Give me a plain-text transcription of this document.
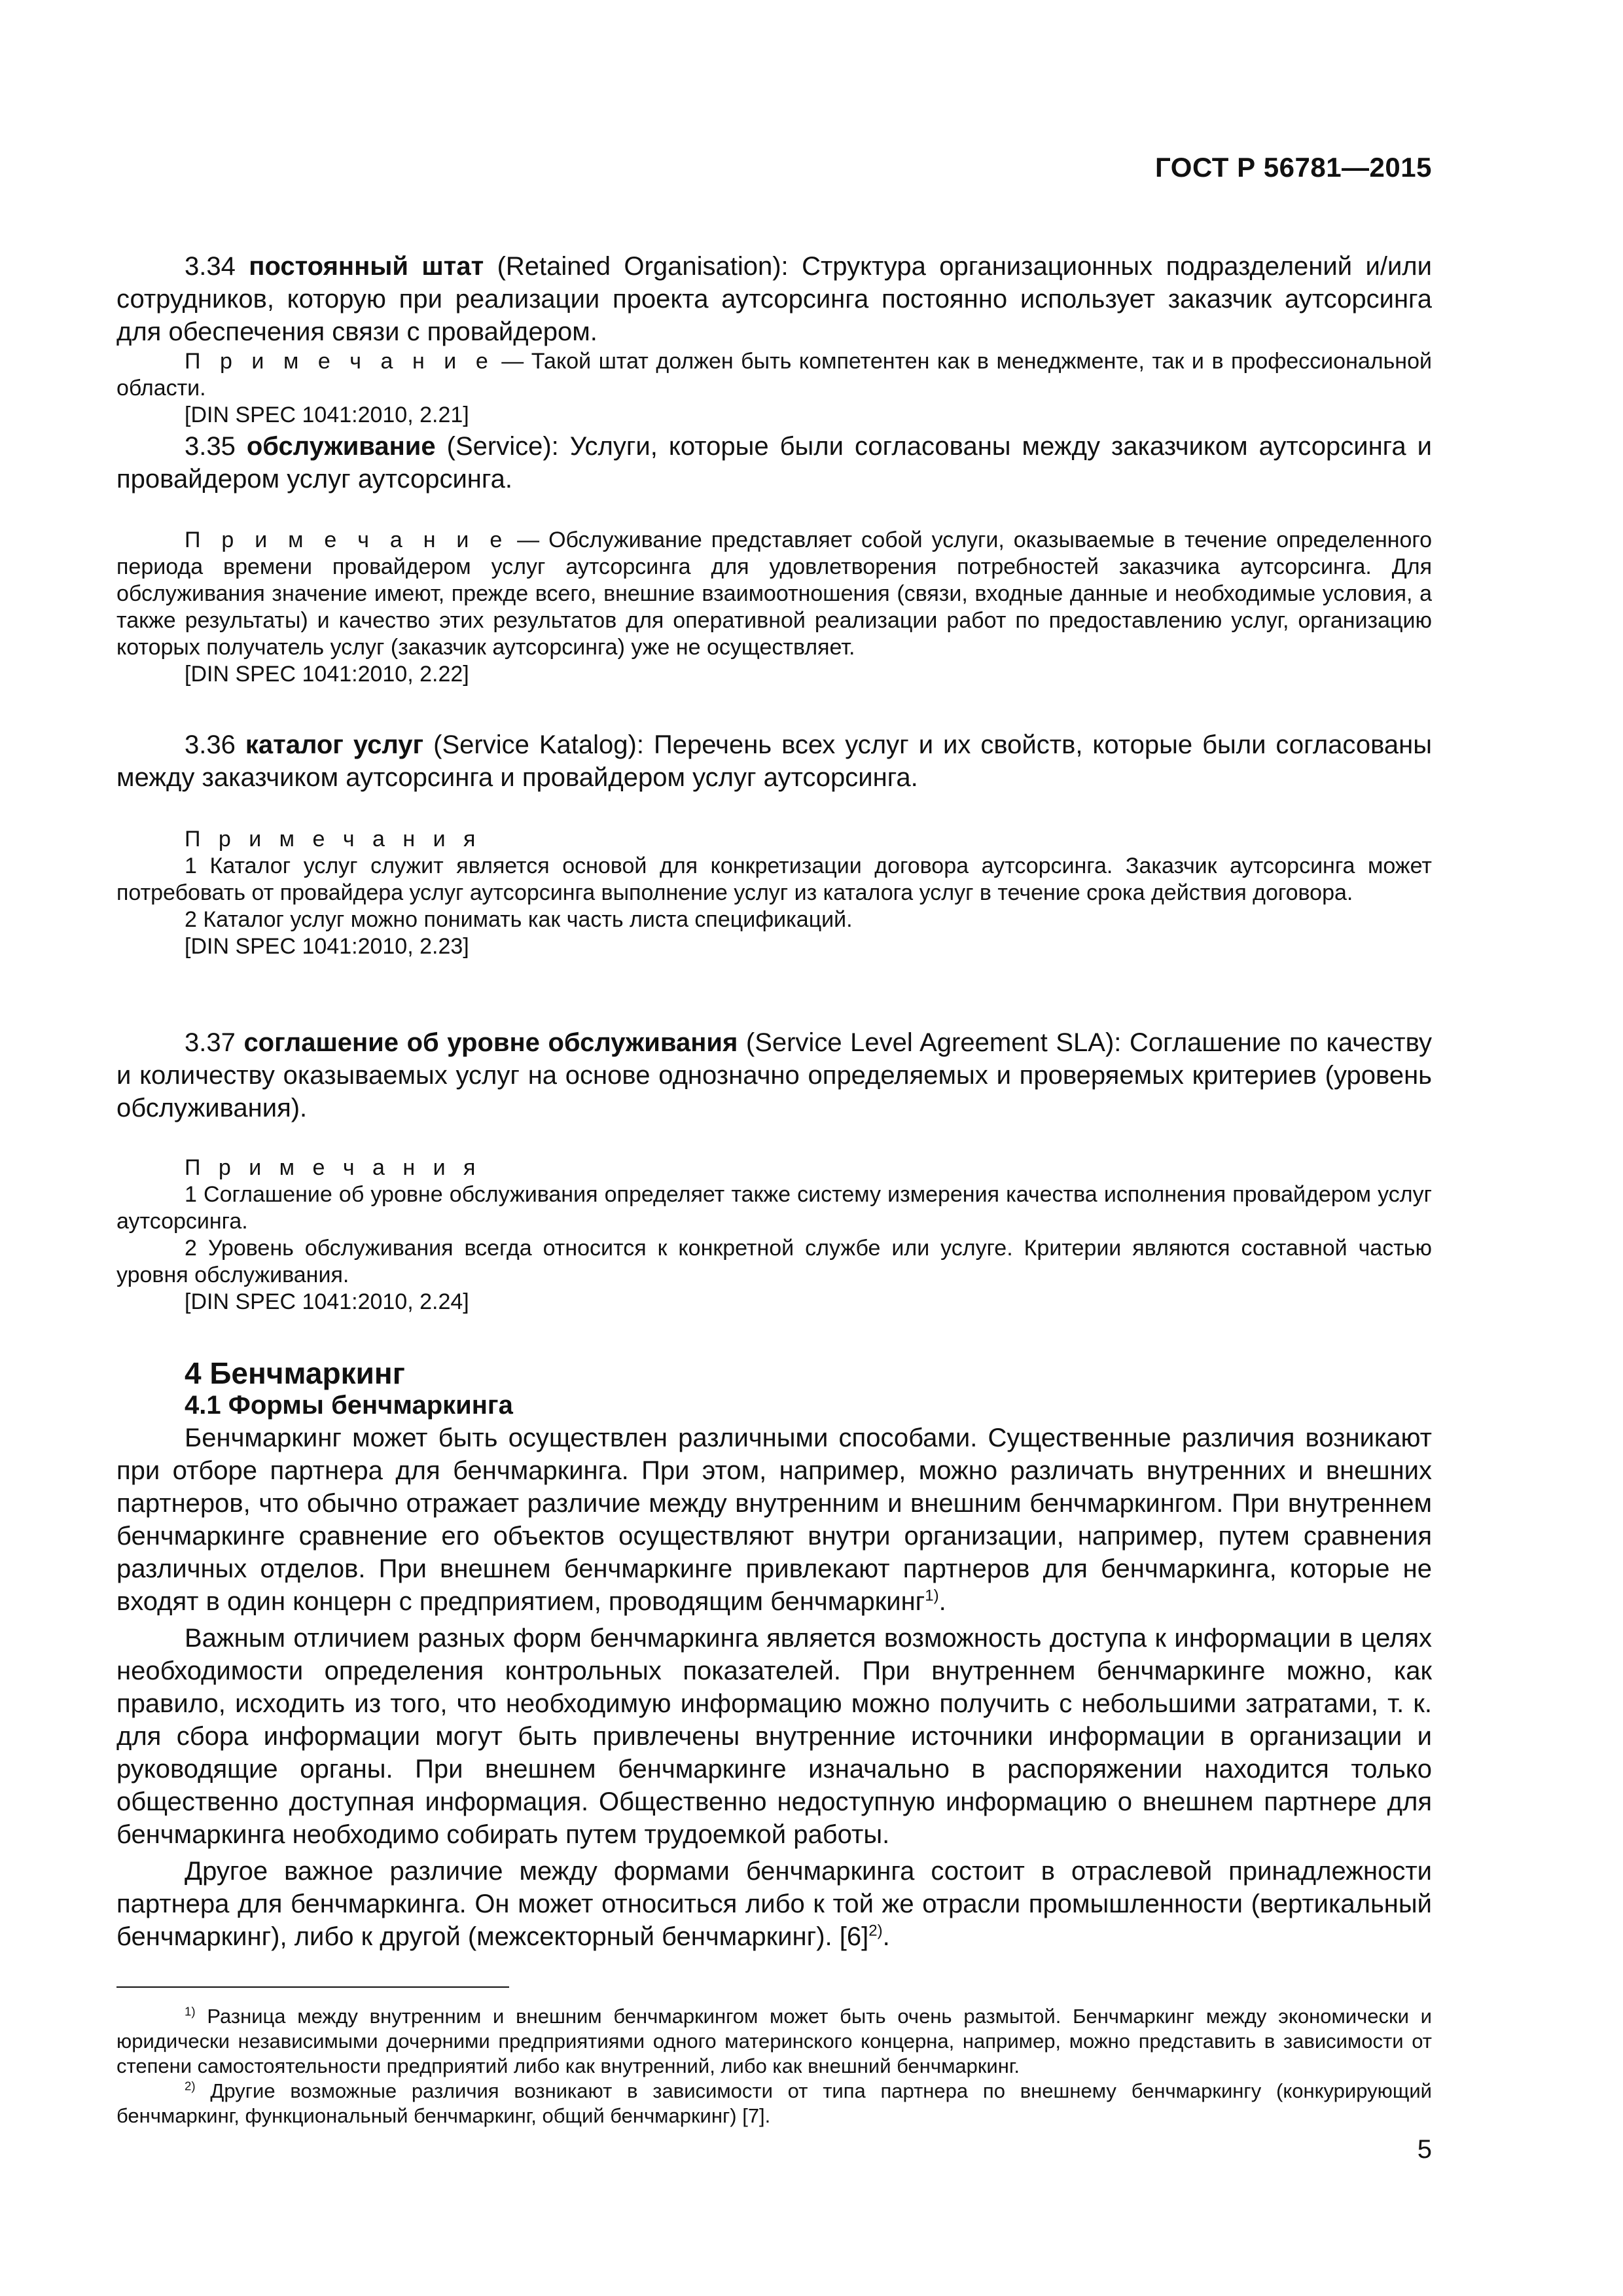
ГОСТ Р 56781—2015

3.34 постоянный штат (Retained Organisation): Структура организационных подразделений и/или сотрудников, которую при реализации проекта аутсорсинга постоянно использует заказчик аутсорсинга для обеспечения связи с провайдером.

П р и м е ч а н и е — Такой штат должен быть компетентен как в менеджменте, так и в профессиональной области.

[DIN SPEC 1041:2010, 2.21]

3.35 обслуживание (Service): Услуги, которые были согласованы между заказчиком аутсорсинга и провайдером услуг аутсорсинга.

П р и м е ч а н и е — Обслуживание представляет собой услуги, оказываемые в течение определенного периода времени провайдером услуг аутсорсинга для удовлетворения потребностей заказчика аутсорсинга. Для обслуживания значение имеют, прежде всего, внешние взаимоотношения (связи, входные данные и необходимые условия, а также результаты) и качество этих результатов для оперативной реализации работ по предоставлению услуг, организацию которых получатель услуг (заказчик аутсорсинга) уже не осуществляет.

[DIN SPEC 1041:2010, 2.22]

3.36 каталог услуг (Service Katalog): Перечень всех услуг и их свойств, которые были согласованы между заказчиком аутсорсинга и провайдером услуг аутсорсинга.

П р и м е ч а н и я

1 Каталог услуг служит является основой для конкретизации договора аутсорсинга. Заказчик аутсорсинга может потребовать от провайдера услуг аутсорсинга выполнение услуг из каталога услуг в течение срока действия договора.

2 Каталог услуг можно понимать как часть листа спецификаций.

[DIN SPEC 1041:2010, 2.23]

3.37 соглашение об уровне обслуживания (Service Level Agreement SLA): Соглашение по качеству и количеству оказываемых услуг на основе однозначно определяемых и проверяемых критериев (уровень обслуживания).

П р и м е ч а н и я

1 Соглашение об уровне обслуживания определяет также систему измерения качества исполнения провайдером услуг аутсорсинга.

2 Уровень обслуживания всегда относится к конкретной службе или услуге. Критерии являются составной частью уровня обслуживания.

[DIN SPEC 1041:2010, 2.24]

4 Бенчмаркинг

4.1 Формы бенчмаркинга

Бенчмаркинг может быть осуществлен различными способами. Существенные различия возникают при отборе партнера для бенчмаркинга. При этом, например, можно различать внутренних и внешних партнеров, что обычно отражает различие между внутренним и внешним бенчмаркингом. При внутреннем бенчмаркинге сравнение его объектов осуществляют внутри организации, например, путем сравнения различных отделов. При внешнем бенчмаркинге привлекают партнеров для бенчмаркинга, которые не входят в один концерн с предприятием, проводящим бенчмаркинг$^{1)}$.

Важным отличием разных форм бенчмаркинга является возможность доступа к информации в целях необходимости определения контрольных показателей. При внутреннем бенчмаркинге можно, как правило, исходить из того, что необходимую информацию можно получить с небольшими затратами, т. к. для сбора информации могут быть привлечены внутренние источники информации в организации и руководящие органы. При внешнем бенчмаркинге изначально в распоряжении находится только общественно доступная информация. Общественно недоступную информацию о внешнем партнере для бенчмаркинга необходимо собирать путем трудоемкой работы.

Другое важное различие между формами бенчмаркинга состоит в отраслевой принадлежности партнера для бенчмаркинга. Он может относиться либо к той же отрасли промышленности (вертикальный бенчмаркинг), либо к другой (межсекторный бенчмаркинг). $[6]^{2)}$.

$^{1)}$ Разница между внутренним и внешним бенчмаркингом может быть очень размытой. Бенчмаркинг между экономически и юридически независимыми дочерними предприятиями одного материнского концерна, например, можно представить в зависимости от степени самостоятельности предприятий либо как внутренний, либо как внешний бенчмаркинг.

$^{2)}$ Другие возможные различия возникают в зависимости от типа партнера по внешнему бенчмаркингу (конкурирующий бенчмаркинг, функциональный бенчмаркинг, общий бенчмаркинг) [7].

5
